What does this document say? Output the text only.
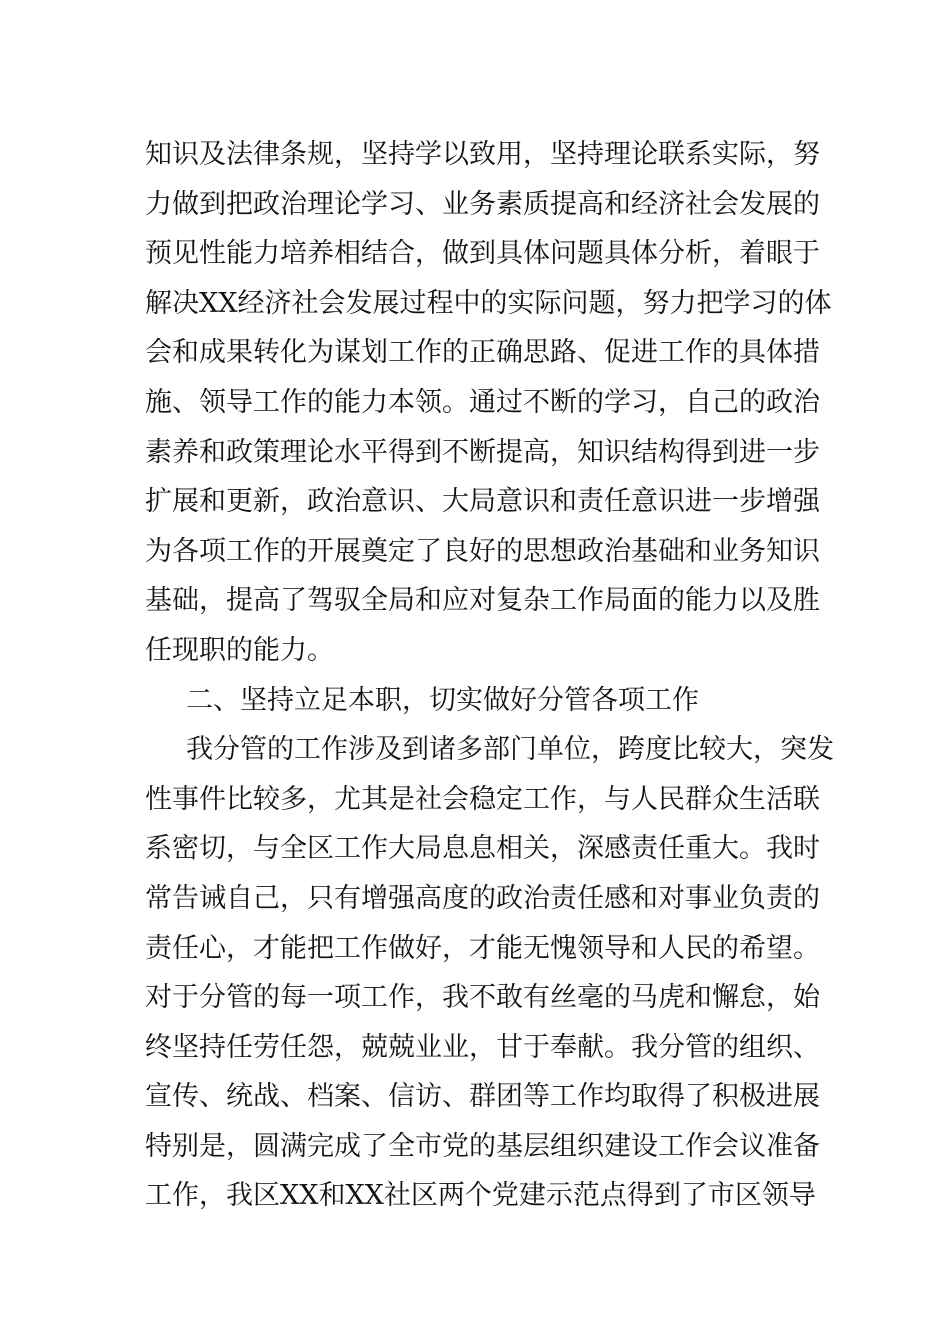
知识及法律条规，坚持学以致用，坚持理论联系实际，努
力做到把政治理论学习、业务素质提高和经济社会发展的
预见性能力培养相结合，做到具体问题具体分析，着眼于
解决XX经济社会发展过程中的实际问题，努力把学习的体
会和成果转化为谋划工作的正确思路、促进工作的具体措
施、领导工作的能力本领。通过不断的学习，自己的政治
素养和政策理论水平得到不断提高，知识结构得到进一步
扩展和更新，政治意识、大局意识和责任意识进一步增强
为各项工作的开展奠定了良好的思想政治基础和业务知识
基础，提高了驾驭全局和应对复杂工作局面的能力以及胜
任现职的能力。
二、坚持立足本职，切实做好分管各项工作
我分管的工作涉及到诸多部门单位，跨度比较大，突发
性事件比较多，尤其是社会稳定工作，与人民群众生活联
系密切，与全区工作大局息息相关，深感责任重大。我时
常告诫自己，只有增强高度的政治责任感和对事业负责的
责任心，才能把工作做好，才能无愧领导和人民的希望。
对于分管的每一项工作，我不敢有丝毫的马虎和懈怠，始
终坚持任劳任怨，兢兢业业，甘于奉献。我分管的组织、
宣传、统战、档案、信访、群团等工作均取得了积极进展
特别是，圆满完成了全市党的基层组织建设工作会议准备
工作，我区XX和XX社区两个党建示范点得到了市区领导
